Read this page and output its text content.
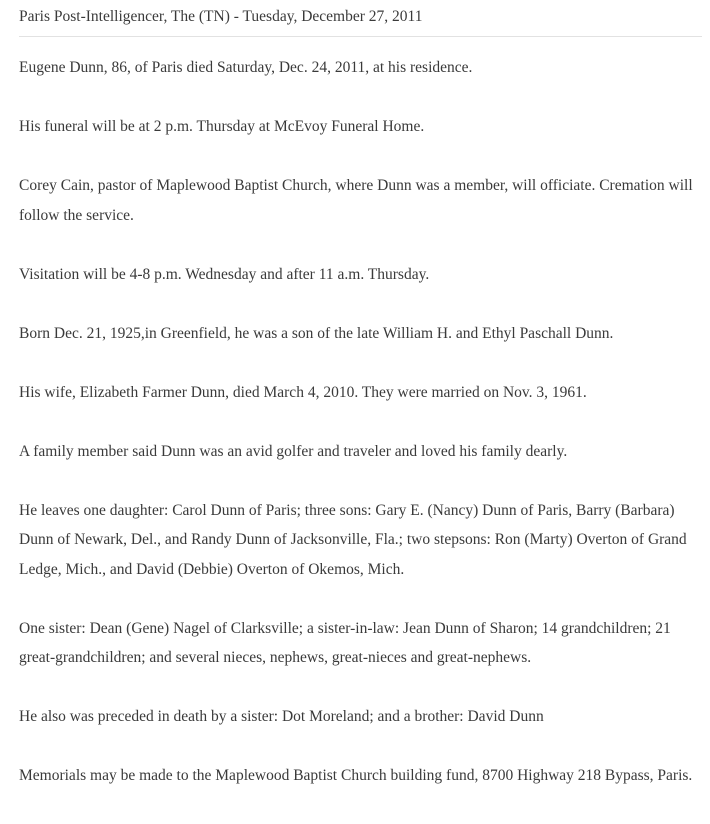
Paris Post-Intelligencer, The (TN) - Tuesday, December 27, 2011

Eugene Dunn, 86, of Paris died Saturday, Dec. 24, 2011, at his residence.

His funeral will be at 2 p.m. Thursday at McEvoy Funeral Home.

Corey Cain, pastor of Maplewood Baptist Church, where Dunn was a member, will officiate. Cremation will follow the service.

Visitation will be 4-8 p.m. Wednesday and after 11 a.m. Thursday.

Born Dec. 21, 1925,in Greenfield, he was a son of the late William H. and Ethyl Paschall Dunn.

His wife, Elizabeth Farmer Dunn, died March 4, 2010. They were married on Nov. 3, 1961.

A family member said Dunn was an avid golfer and traveler and loved his family dearly.

He leaves one daughter: Carol Dunn of Paris; three sons: Gary E. (Nancy) Dunn of Paris, Barry (Barbara) Dunn of Newark, Del., and Randy Dunn of Jacksonville, Fla.; two stepsons: Ron (Marty) Overton of Grand Ledge, Mich., and David (Debbie) Overton of Okemos, Mich.

One sister: Dean (Gene) Nagel of Clarksville; a sister-in-law: Jean Dunn of Sharon; 14 grandchildren; 21 great-grandchildren; and several nieces, nephews, great-nieces and great-nephews.

He also was preceded in death by a sister: Dot Moreland; and a brother: David Dunn

Memorials may be made to the Maplewood Baptist Church building fund, 8700 Highway 218 Bypass, Paris.
